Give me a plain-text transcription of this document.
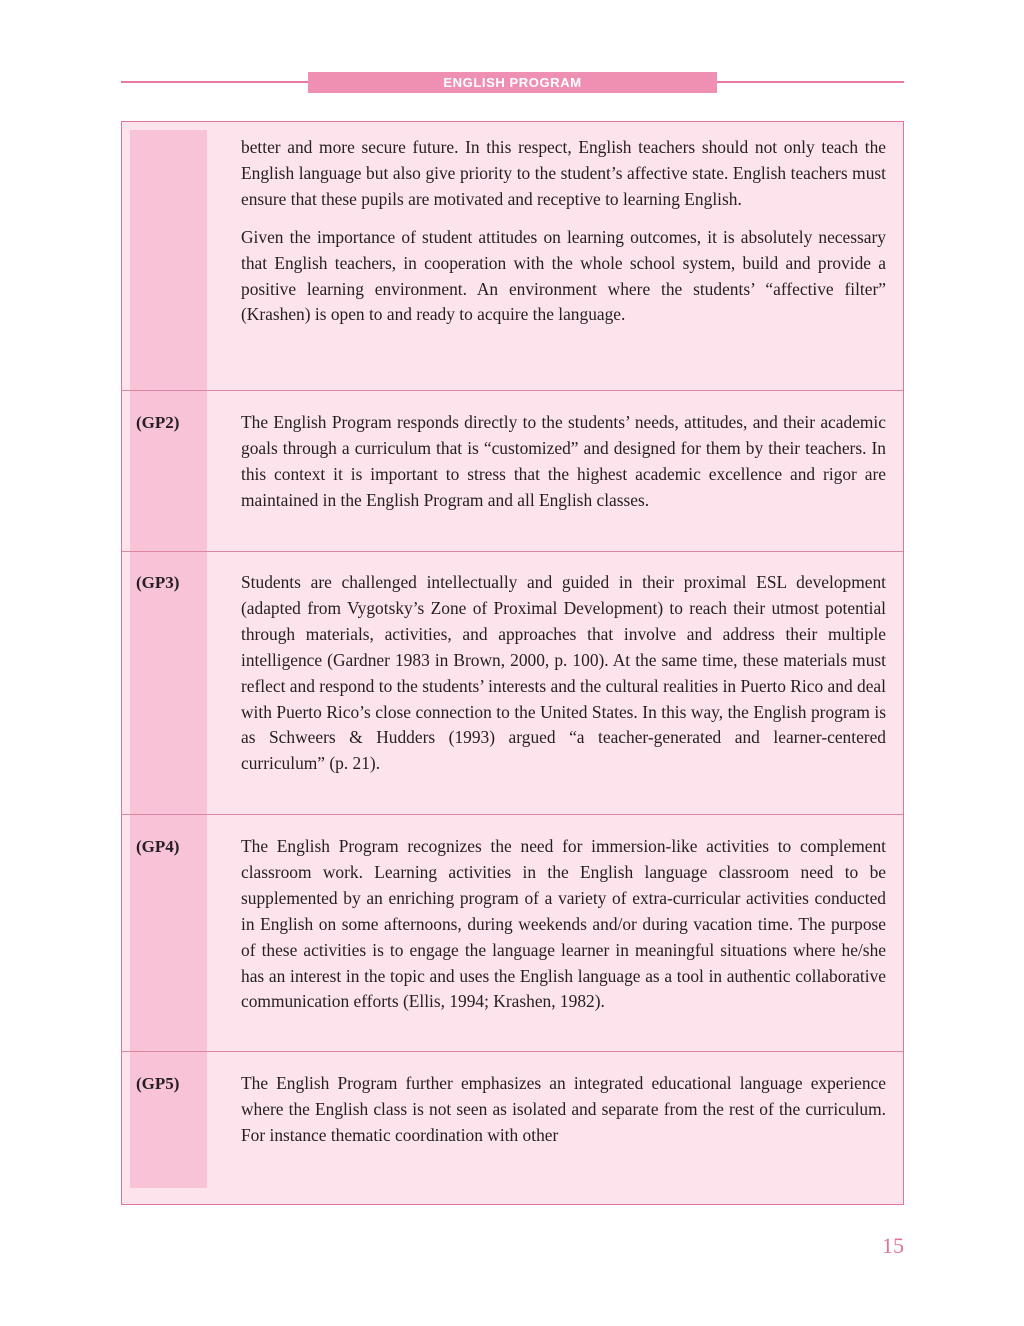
ENGLISH PROGRAM

better and more secure future. In this respect, English teachers should not only teach the English language but also give priority to the student’s affective state. English teachers must ensure that these pupils are motivated and receptive to learning English.

Given the importance of student attitudes on learning outcomes, it is absolutely necessary that English teachers, in cooperation with the whole school system, build and provide a positive learning environment. An environment where the students’ “affective filter” (Krashen) is open to and ready to acquire the language.

(GP2)	The English Program responds directly to the students’ needs, attitudes, and their academic goals through a curriculum that is “customized” and designed for them by their teachers. In this context it is important to stress that the highest academic excellence and rigor are maintained in the English Program and all English classes.

(GP3)	Students are challenged intellectually and guided in their proximal ESL development (adapted from Vygotsky’s Zone of Proximal Development) to reach their utmost potential through materials, activities, and approaches that involve and address their multiple intelligence (Gardner 1983 in Brown, 2000, p. 100). At the same time, these materials must reflect and respond to the students’ interests and the cultural realities in Puerto Rico and deal with Puerto Rico’s close connection to the United States. In this way, the English program is as Schweers & Hudders (1993) argued “a teacher-generated and learner-centered curriculum” (p. 21).

(GP4)	The English Program recognizes the need for immersion-like activities to complement classroom work. Learning activities in the English language classroom need to be supplemented by an enriching program of a variety of extra-curricular activities conducted in English on some afternoons, during weekends and/or during vacation time. The purpose of these activities is to engage the language learner in meaningful situations where he/she has an interest in the topic and uses the English language as a tool in authentic collaborative communication efforts (Ellis, 1994; Krashen, 1982).

(GP5)	The English Program further emphasizes an integrated educational language experience where the English class is not seen as isolated and separate from the rest of the curriculum. For instance thematic coordination with other

15
